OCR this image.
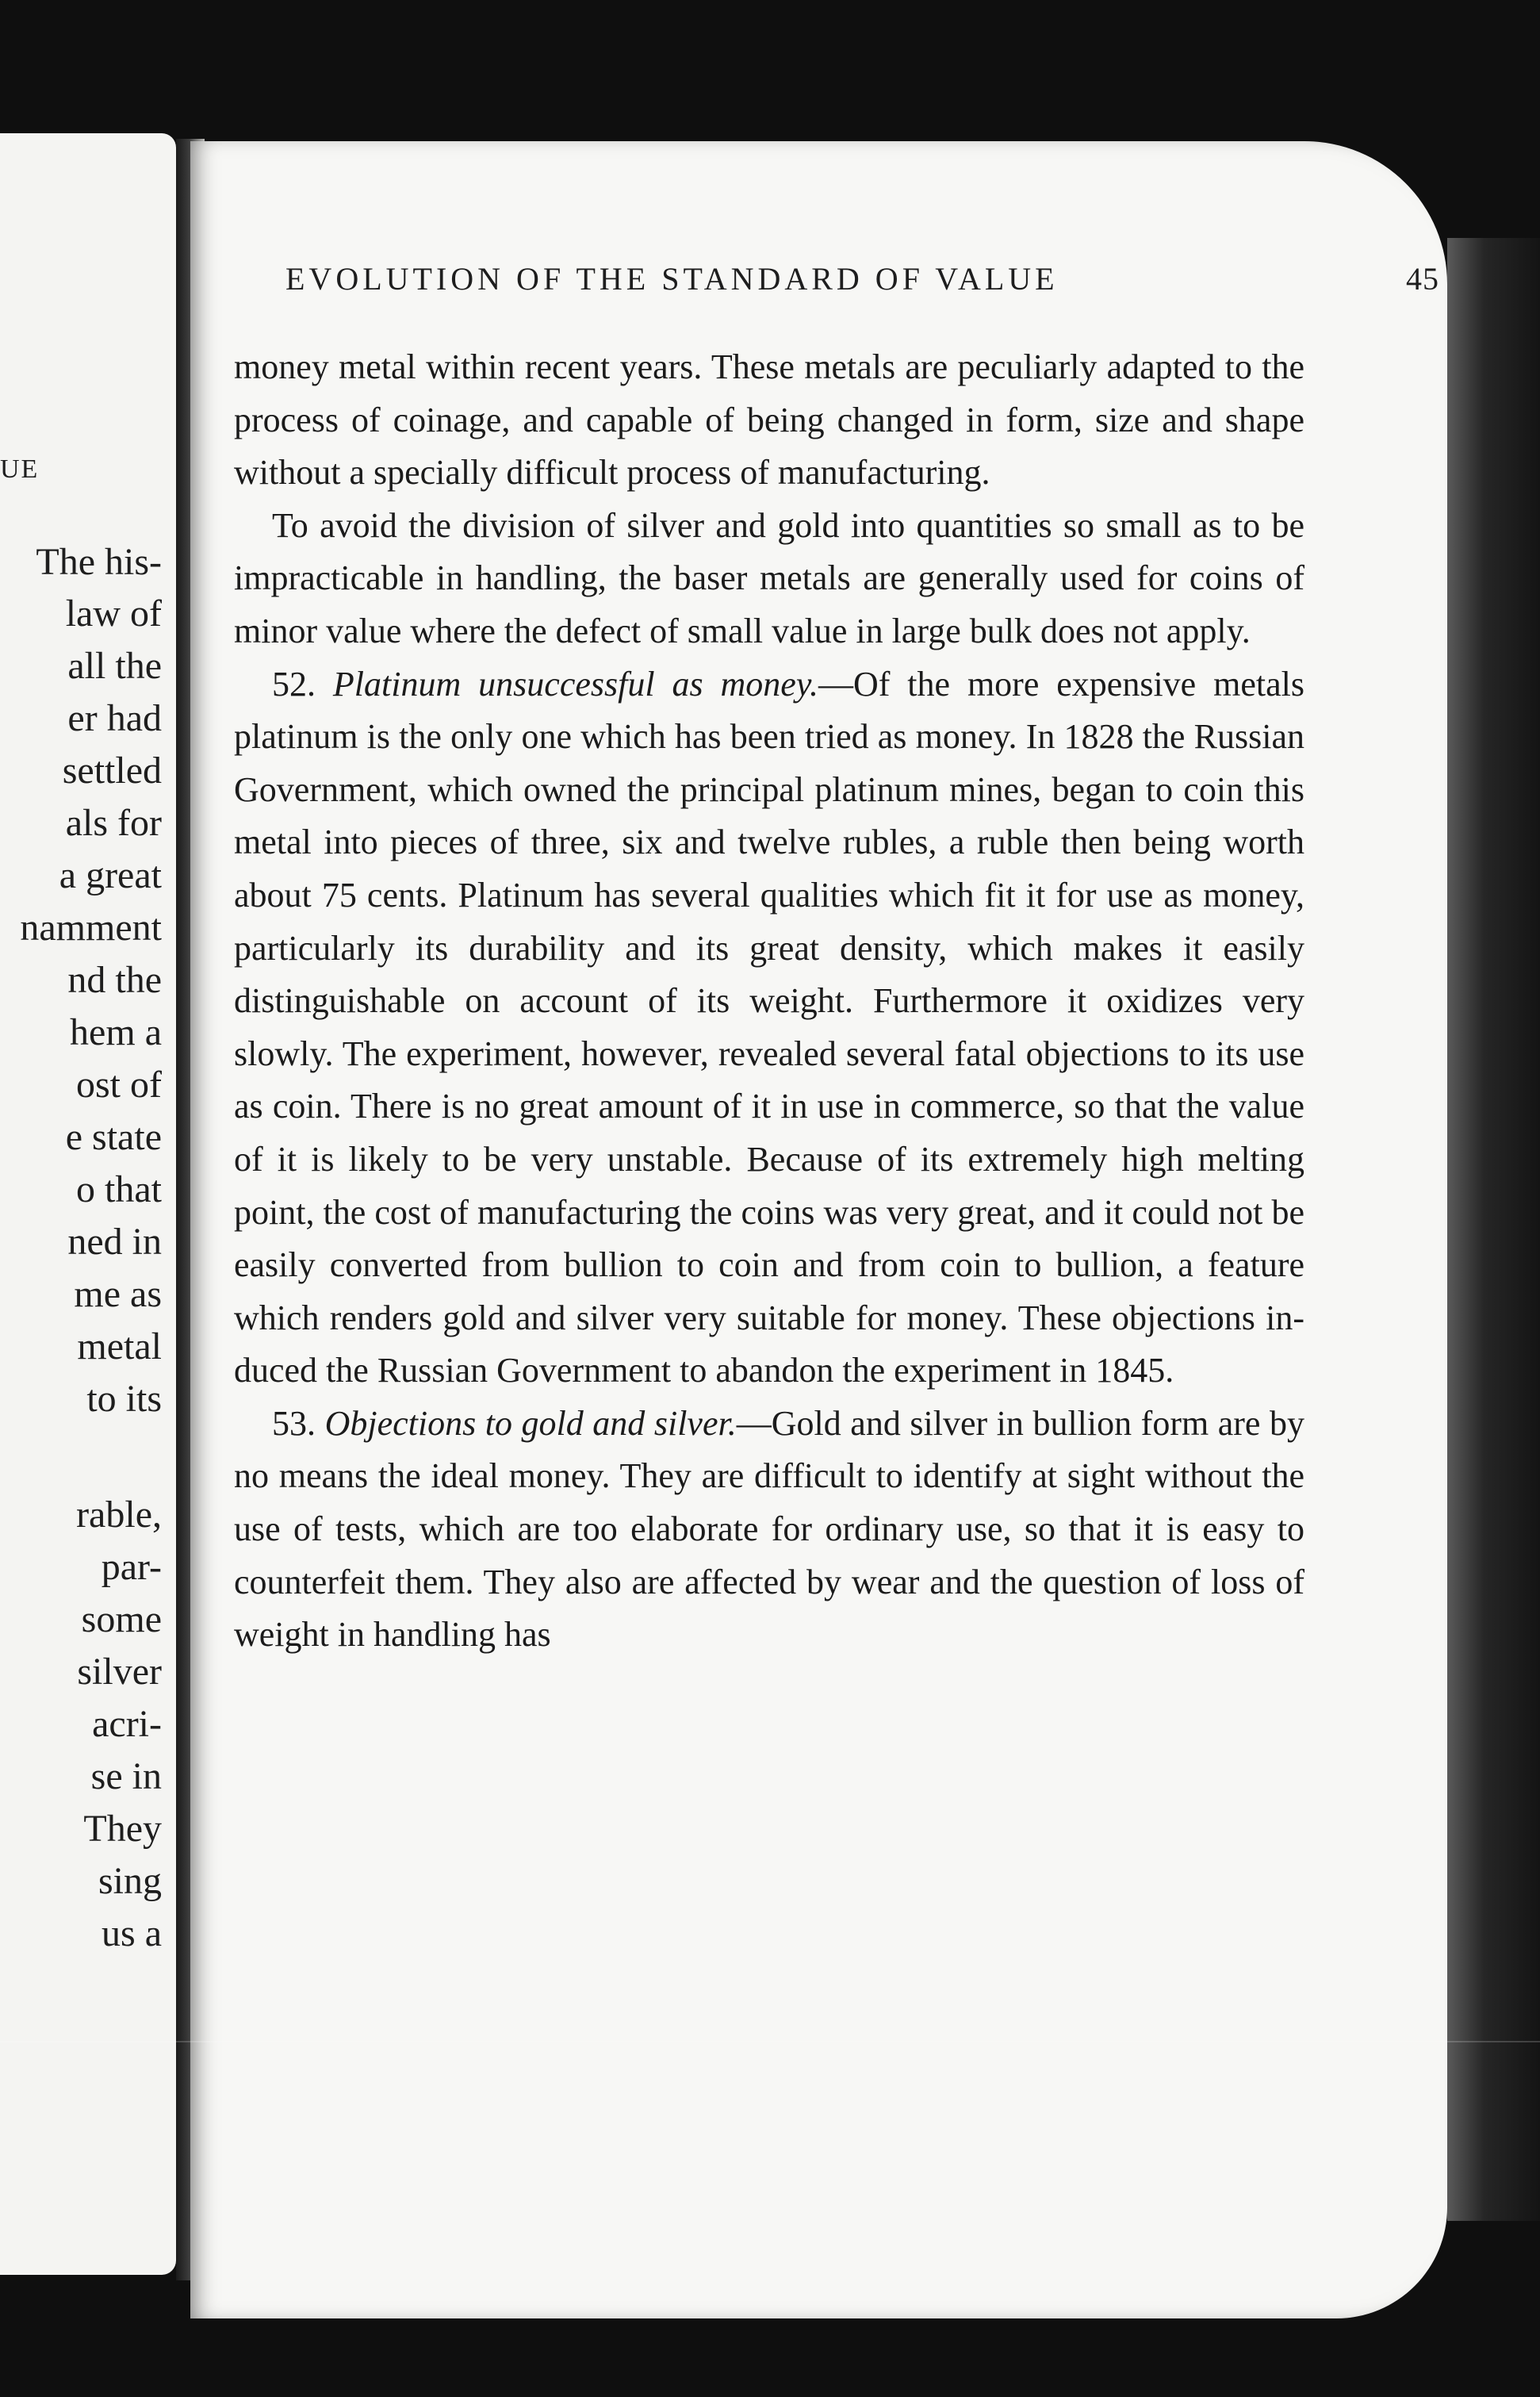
UE
The his-
law of
all the
er had
settled
als for
a great
namment
nd the
hem a
ost of
e state
o that
ned in
me as
metal
to its
rable,
par-
some
silver
acri-
se in
They
sing
us a
EVOLUTION OF THE STANDARD OF VALUE	45

money metal within recent years. These metals are peculiarly adapted to the process of coinage, and capable of being changed in form, size and shape without a specially difficult process of manufacturing.

To avoid the division of silver and gold into quantities so small as to be impracticable in handling, the baser metals are generally used for coins of minor value where the defect of small value in large bulk does not apply.

52. Platinum unsuccessful as money.—Of the more expensive metals platinum is the only one which has been tried as money. In 1828 the Russian Government, which owned the principal platinum mines, began to coin this metal into pieces of three, six and twelve rubles, a ruble then being worth about 75 cents. Platinum has several qualities which fit it for use as money, particularly its durability and its great density, which makes it easily distinguishable on account of its weight. Furthermore it oxidizes very slowly. The experiment, however, revealed several fatal objections to its use as coin. There is no great amount of it in use in commerce, so that the value of it is likely to be very unstable. Because of its extremely high melting point, the cost of manufacturing the coins was very great, and it could not be easily converted from bullion to coin and from coin to bullion, a feature which renders gold and silver very suitable for money. These objections induced the Russian Government to abandon the experiment in 1845.

53. Objections to gold and silver.—Gold and silver in bullion form are by no means the ideal money. They are difficult to identify at sight without the use of tests, which are too elaborate for ordinary use, so that it is easy to counterfeit them. They also are affected by wear and the question of loss of weight in handling has
